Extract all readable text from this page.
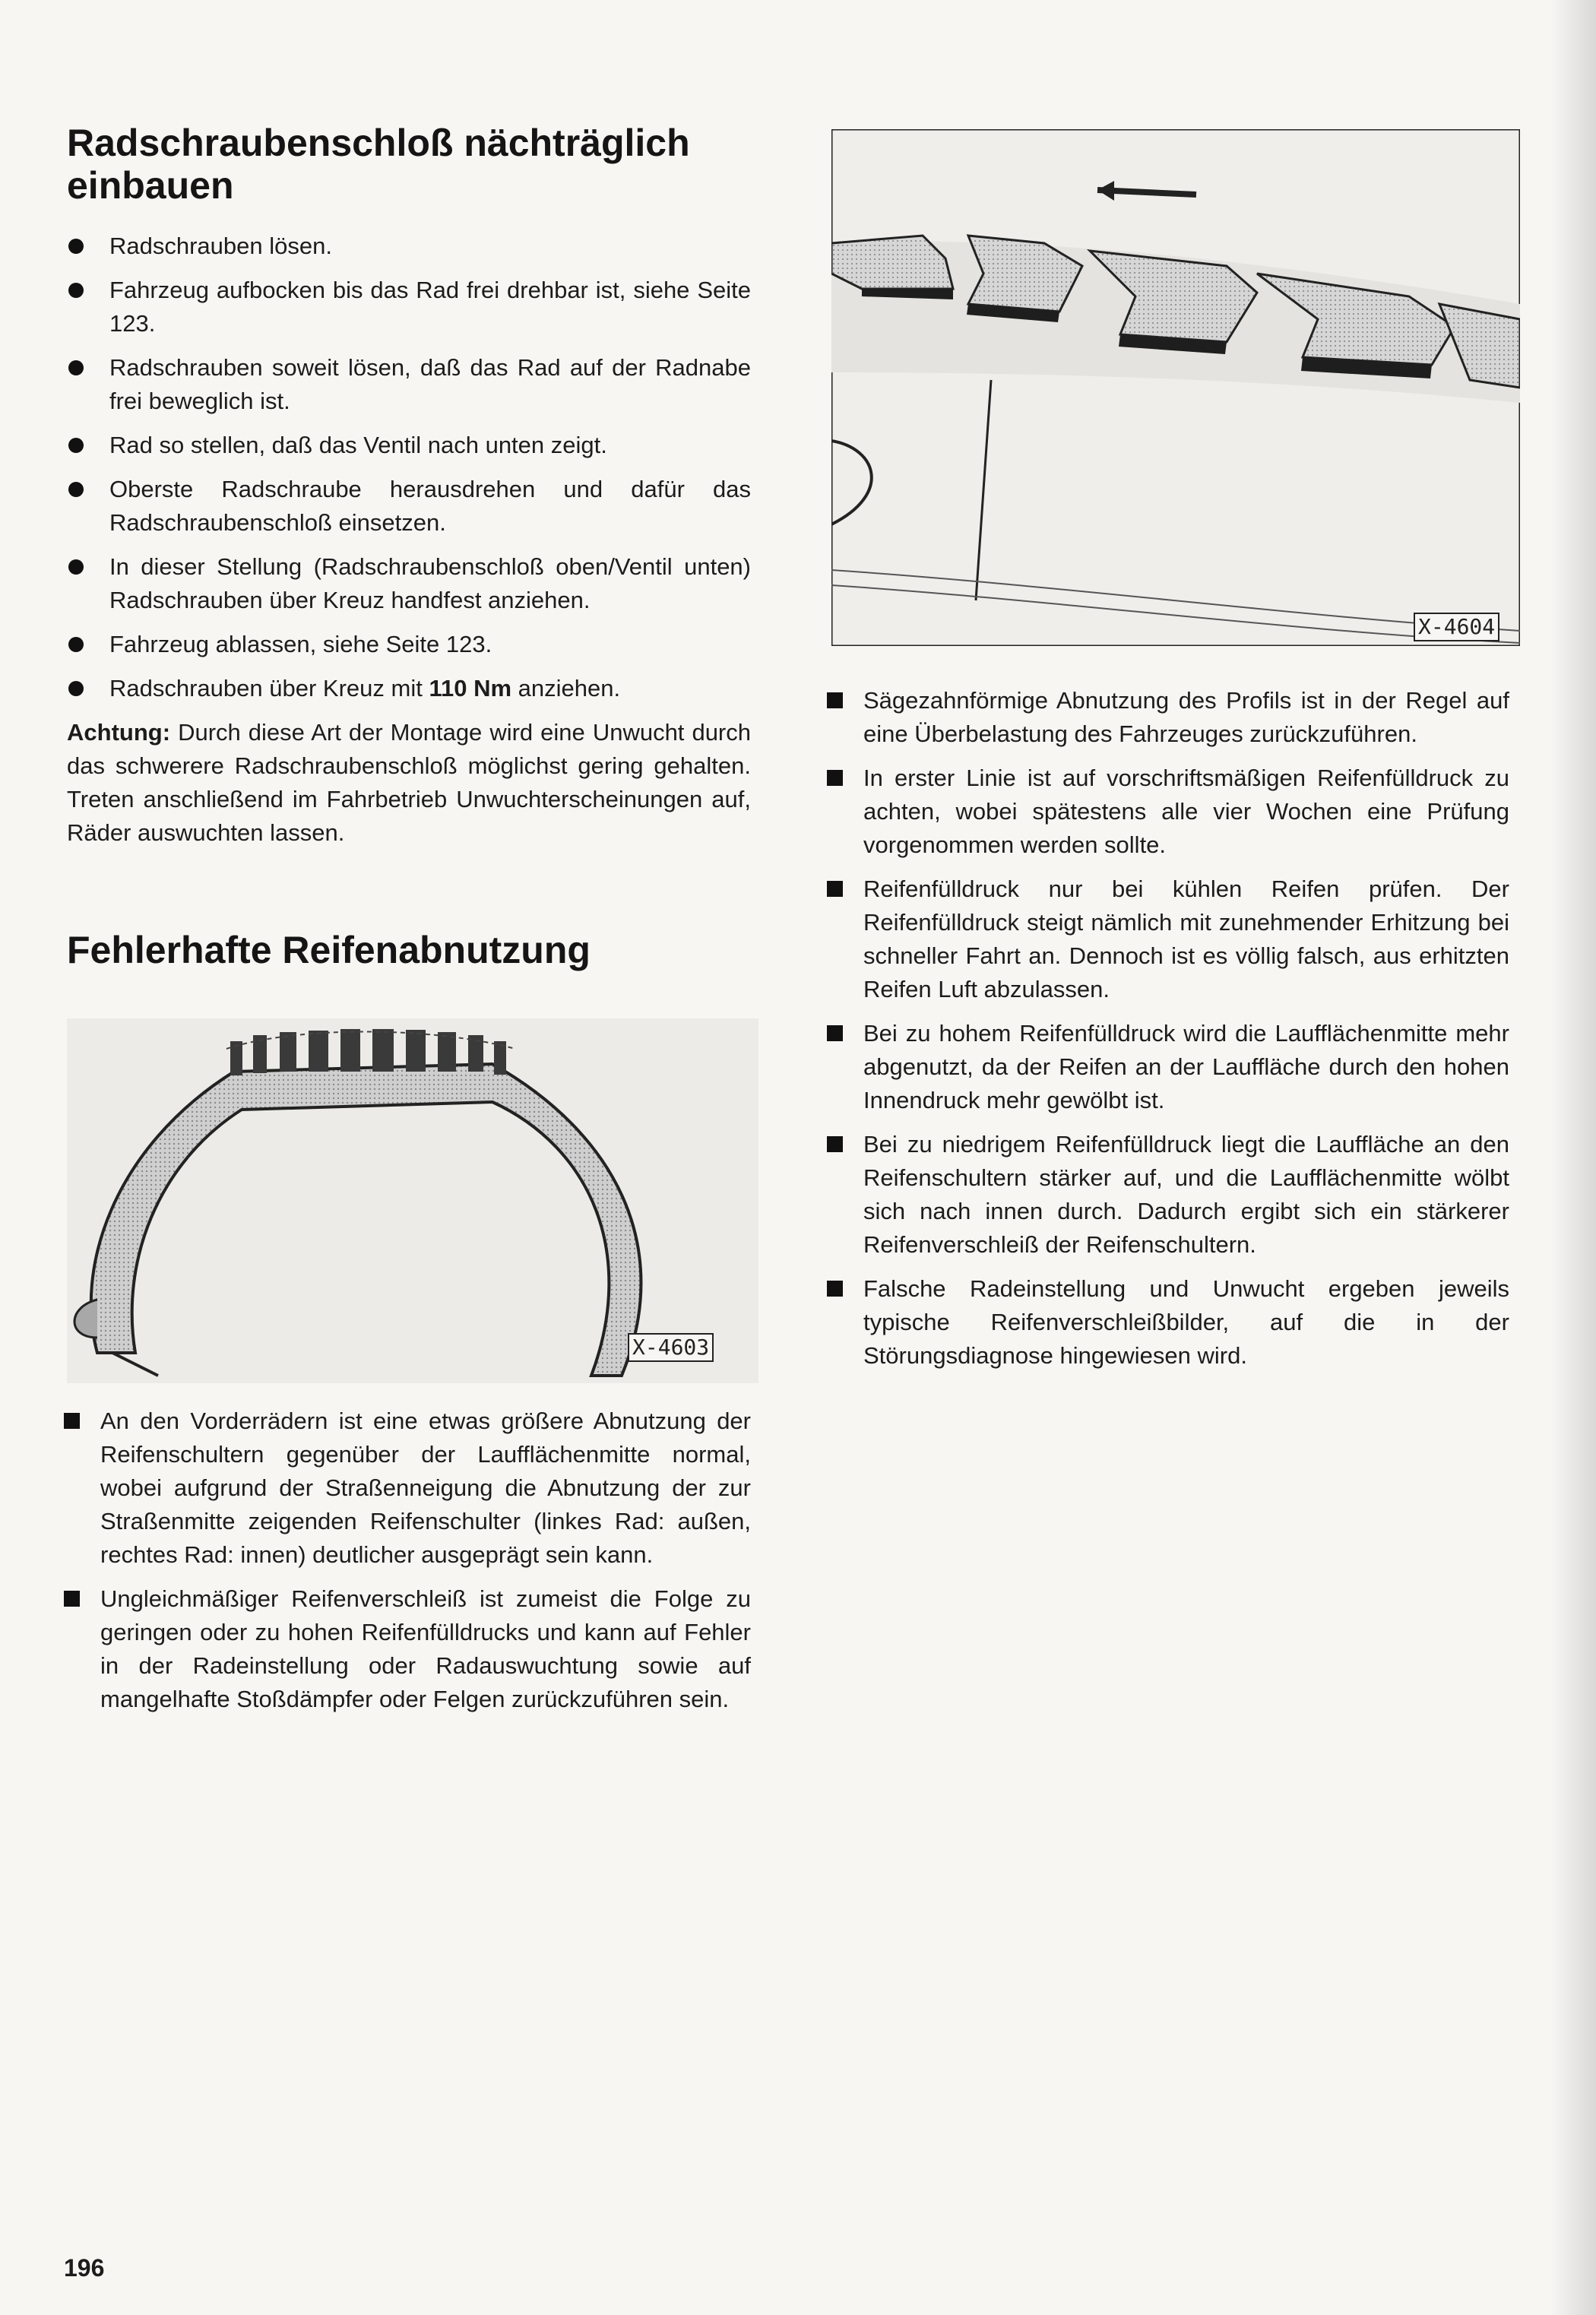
Radschraubenschloß nächträglich einbauen
Radschrauben lösen.
Fahrzeug aufbocken bis das Rad frei drehbar ist, siehe Seite 123.
Radschrauben soweit lösen, daß das Rad auf der Radnabe frei beweglich ist.
Rad so stellen, daß das Ventil nach unten zeigt.
Oberste Radschraube herausdrehen und dafür das Radschraubenschloß einsetzen.
In dieser Stellung (Radschraubenschloß oben/Ventil unten) Radschrauben über Kreuz handfest anziehen.
Fahrzeug ablassen, siehe Seite 123.
Radschrauben über Kreuz mit 110 Nm anziehen.

Achtung: Durch diese Art der Montage wird eine Unwucht durch das schwerere Radschraubenschloß möglichst gering gehalten. Treten anschließend im Fahrbetrieb Unwuchterscheinungen auf, Räder auswuchten lassen.

Fehlerhafte Reifenabnutzung
X-4603
An den Vorderrädern ist eine etwas größere Abnutzung der Reifenschultern gegenüber der Laufflächenmitte normal, wobei aufgrund der Straßenneigung die Abnutzung der zur Straßenmitte zeigenden Reifenschulter (linkes Rad: außen, rechtes Rad: innen) deutlicher ausgeprägt sein kann.
Ungleichmäßiger Reifenverschleiß ist zumeist die Folge zu geringen oder zu hohen Reifenfülldrucks und kann auf Fehler in der Radeinstellung oder Radauswuchtung sowie auf mangelhafte Stoßdämpfer oder Felgen zurückzuführen sein.
X-4604
Sägezahnförmige Abnutzung des Profils ist in der Regel auf eine Überbelastung des Fahrzeuges zurückzuführen.
In erster Linie ist auf vorschriftsmäßigen Reifenfülldruck zu achten, wobei spätestens alle vier Wochen eine Prüfung vorgenommen werden sollte.
Reifenfülldruck nur bei kühlen Reifen prüfen. Der Reifenfülldruck steigt nämlich mit zunehmender Erhitzung bei schneller Fahrt an. Dennoch ist es völlig falsch, aus erhitzten Reifen Luft abzulassen.
Bei zu hohem Reifenfülldruck wird die Laufflächenmitte mehr abgenutzt, da der Reifen an der Lauffläche durch den hohen Innendruck mehr gewölbt ist.
Bei zu niedrigem Reifenfülldruck liegt die Lauffläche an den Reifenschultern stärker auf, und die Laufflächenmitte wölbt sich nach innen durch. Dadurch ergibt sich ein stärkerer Reifenverschleiß der Reifenschultern.
Falsche Radeinstellung und Unwucht ergeben jeweils typische Reifenverschleißbilder, auf die in der Störungsdiagnose hingewiesen wird.
196
